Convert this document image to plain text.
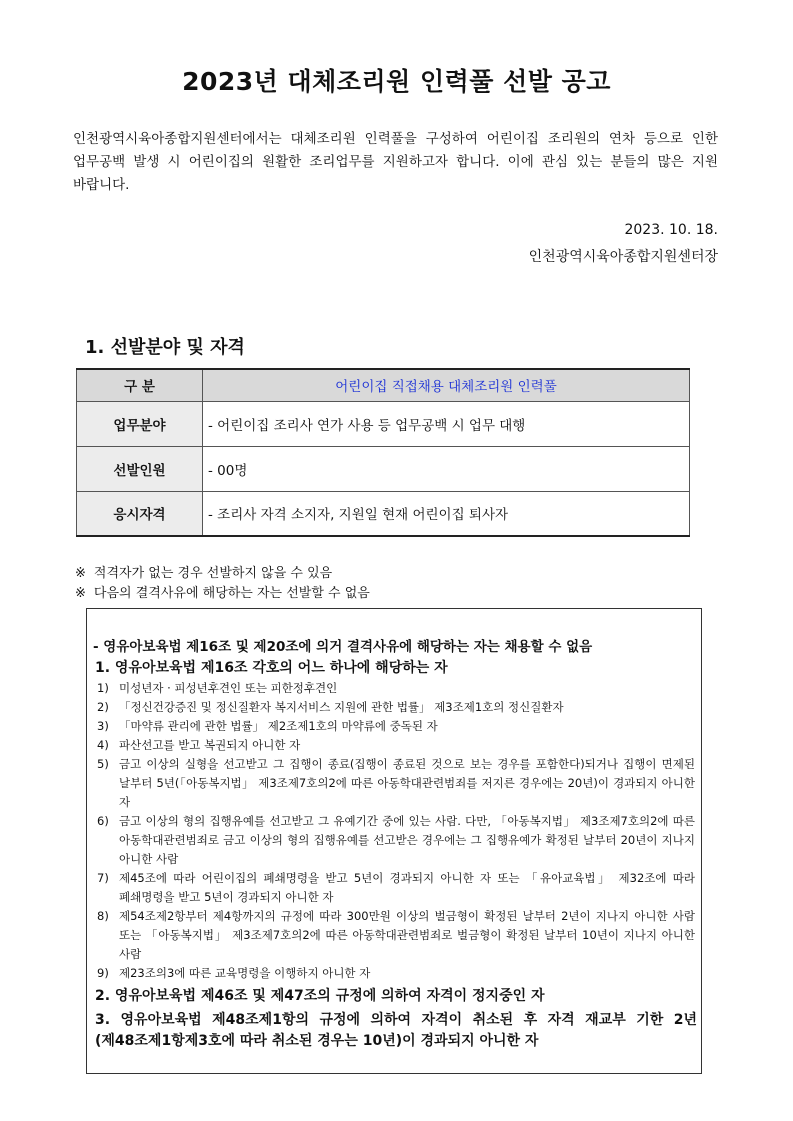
2023년 대체조리원 인력풀 선발 공고
인천광역시육아종합지원센터에서는 대체조리원 인력풀을 구성하여 어린이집 조리원의 연차 등으로 인한 업무공백 발생 시 어린이집의 원활한 조리업무를 지원하고자 합니다. 이에 관심 있는 분들의 많은 지원 바랍니다.
2023. 10. 18.
인천광역시육아종합지원센터장
1. 선발분야 및 자격
구 분	어린이집 직접채용 대체조리원 인력풀
업무분야	- 어린이집 조리사 연가 사용 등 업무공백 시 업무 대행
선발인원	- 00명
응시자격	- 조리사 자격 소지자, 지원일 현재 어린이집 퇴사자
※ 적격자가 없는 경우 선발하지 않을 수 있음
※ 다음의 결격사유에 해당하는 자는 선발할 수 없음
- 영유아보육법 제16조 및 제20조에 의거 결격사유에 해당하는 자는 채용할 수 없음
1. 영유아보육법 제16조 각호의 어느 하나에 해당하는 자
1) 미성년자 · 피성년후견인 또는 피한정후견인
2) 「정신건강증진 및 정신질환자 복지서비스 지원에 관한 법률」 제3조제1호의 정신질환자
3) 「마약류 관리에 관한 법률」 제2조제1호의 마약류에 중독된 자
4) 파산선고를 받고 복권되지 아니한 자
5) 금고 이상의 실형을 선고받고 그 집행이 종료(집행이 종료된 것으로 보는 경우를 포함한다)되거나 집행이 면제된 날부터 5년(「아동복지법」 제3조제7호의2에 따른 아동학대관련범죄를 저지른 경우에는 20년)이 경과되지 아니한 자
6) 금고 이상의 형의 집행유예를 선고받고 그 유예기간 중에 있는 사람. 다만, 「아동복지법」 제3조제7호의2에 따른 아동학대관련범죄로 금고 이상의 형의 집행유예를 선고받은 경우에는 그 집행유예가 확정된 날부터 20년이 지나지 아니한 사람
7) 제45조에 따라 어린이집의 폐쇄명령을 받고 5년이 경과되지 아니한 자 또는 「유아교육법」 제32조에 따라 폐쇄명령을 받고 5년이 경과되지 아니한 자
8) 제54조제2항부터 제4항까지의 규정에 따라 300만원 이상의 벌금형이 확정된 날부터 2년이 지나지 아니한 사람 또는 「아동복지법」 제3조제7호의2에 따른 아동학대관련범죄로 벌금형이 확정된 날부터 10년이 지나지 아니한 사람
9) 제23조의3에 따른 교육명령을 이행하지 아니한 자
2. 영유아보육법 제46조 및 제47조의 규정에 의하여 자격이 정지중인 자
3. 영유아보육법 제48조제1항의 규정에 의하여 자격이 취소된 후 자격 재교부 기한 2년(제48조제1항제3호에 따라 취소된 경우는 10년)이 경과되지 아니한 자
